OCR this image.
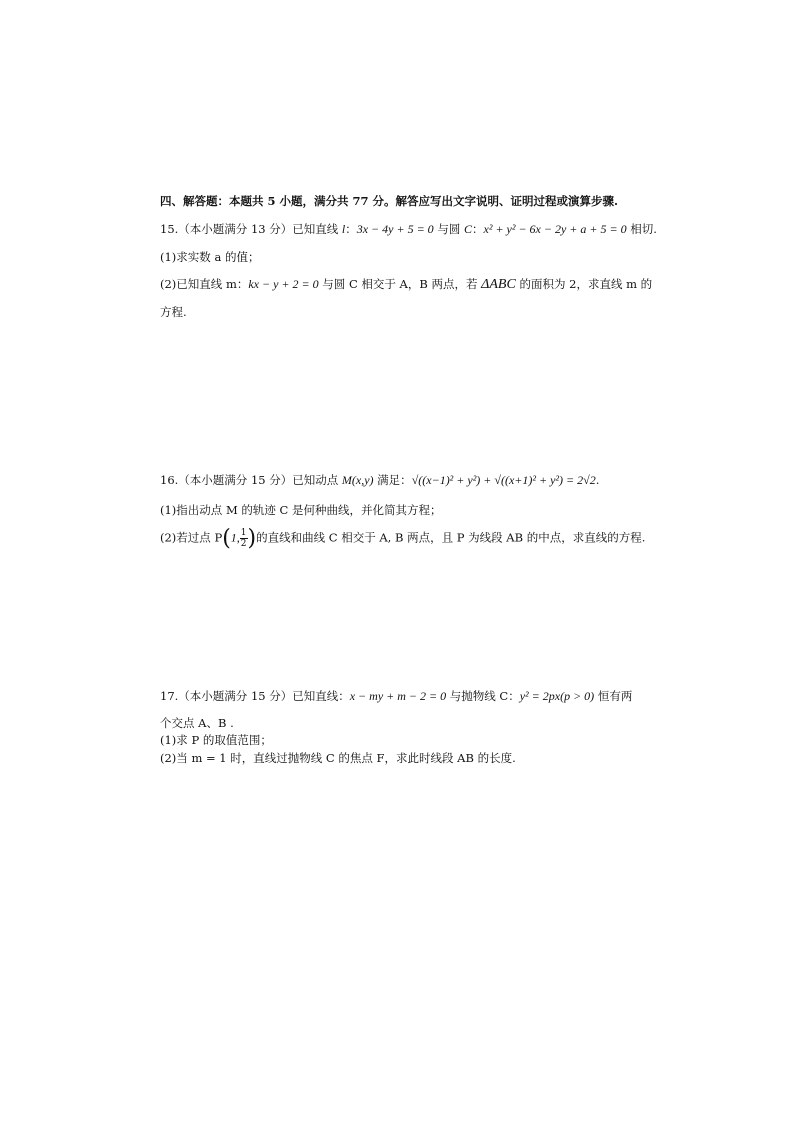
四、解答题：本题共 5 小题，满分共 77 分。解答应写出文字说明、证明过程或演算步骤.
15.（本小题满分 13 分）已知直线 l：3x − 4y + 5 = 0 与圆 C：x² + y² − 6x − 2y + a + 5 = 0 相切.
(1)求实数 a 的值；
(2)已知直线 m：kx − y + 2 = 0 与圆 C 相交于 A，B 两点，若 ΔABC 的面积为 2，求直线 m 的
方程.
16.（本小题满分 15 分）已知动点 M(x,y) 满足：√((x−1)² + y²) + √((x+1)² + y²) = 2√2.
(1)指出动点 M 的轨迹 C 是何种曲线，并化简其方程；
(2)若过点 P(1, $\frac{1}{2}$ )的直线和曲线 C 相交于 A, B 两点，且 P 为线段 AB 的中点，求直线的方程.
17.（本小题满分 15 分）已知直线：x − my + m − 2 = 0 与抛物线 C：y² = 2px(p > 0) 恒有两
个交点 A、B .
(1)求 P 的取值范围；
(2)当 m = 1 时，直线过抛物线 C 的焦点 F，求此时线段 AB 的长度.
